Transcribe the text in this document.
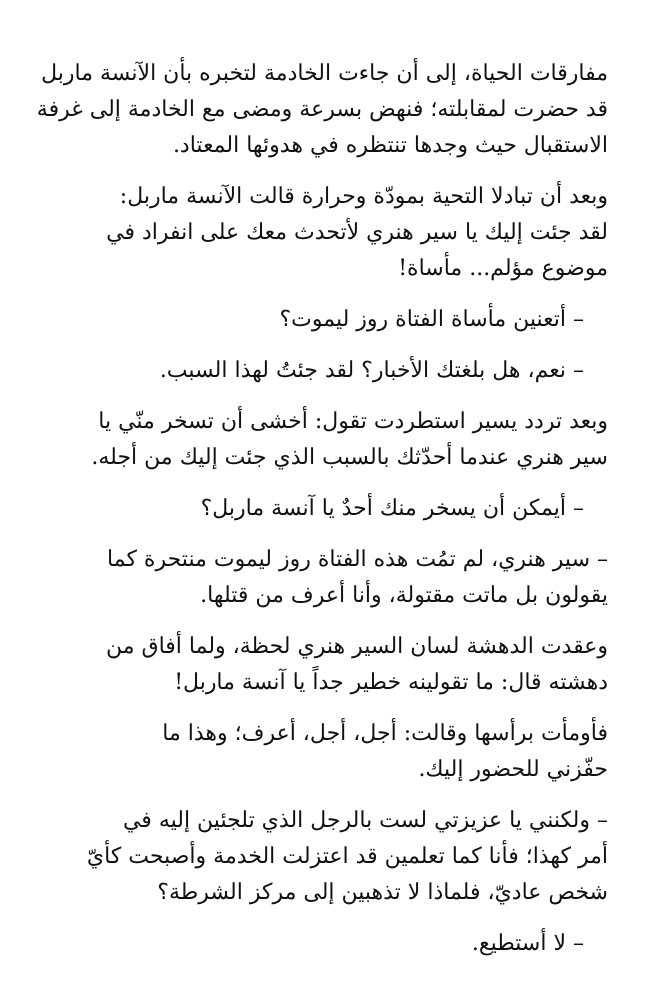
مفارقات الحياة، إلى أن جاءت الخادمة لتخبره بأن الآنسة ماربل
قد حضرت لمقابلته؛ فنهض بسرعة ومضى مع الخادمة إلى غرفة
الاستقبال حيث وجدها تنتظره في هدوئها المعتاد.

وبعد أن تبادلا التحية بمودّة وحرارة قالت الآنسة ماربل:
لقد جئت إليك يا سير هنري لأتحدث معك على انفراد في
موضوع مؤلم... مأساة!

– أتعنين مأساة الفتاة روز ليموت؟

– نعم، هل بلغتك الأخبار؟ لقد جئتُ لهذا السبب.

وبعد تردد يسير استطردت تقول: أخشى أن تسخر منّي يا
سير هنري عندما أحدّثك بالسبب الذي جئت إليك من أجله.

– أيمكن أن يسخر منك أحدٌ يا آنسة ماربل؟

– سير هنري، لم تمُت هذه الفتاة روز ليموت منتحرة كما
يقولون بل ماتت مقتولة، وأنا أعرف من قتلها.

وعقدت الدهشة لسان السير هنري لحظة، ولما أفاق من
دهشته قال: ما تقولينه خطير جداً يا آنسة ماربل!

فأومأت برأسها وقالت: أجل، أجل، أعرف؛ وهذا ما
حفّزني للحضور إليك.

– ولكنني يا عزيزتي لست بالرجل الذي تلجئين إليه في
أمر كهذا؛ فأنا كما تعلمين قد اعتزلت الخدمة وأصبحت كأيّ
شخص عاديّ، فلماذا لا تذهبين إلى مركز الشرطة؟

– لا أستطيع.
